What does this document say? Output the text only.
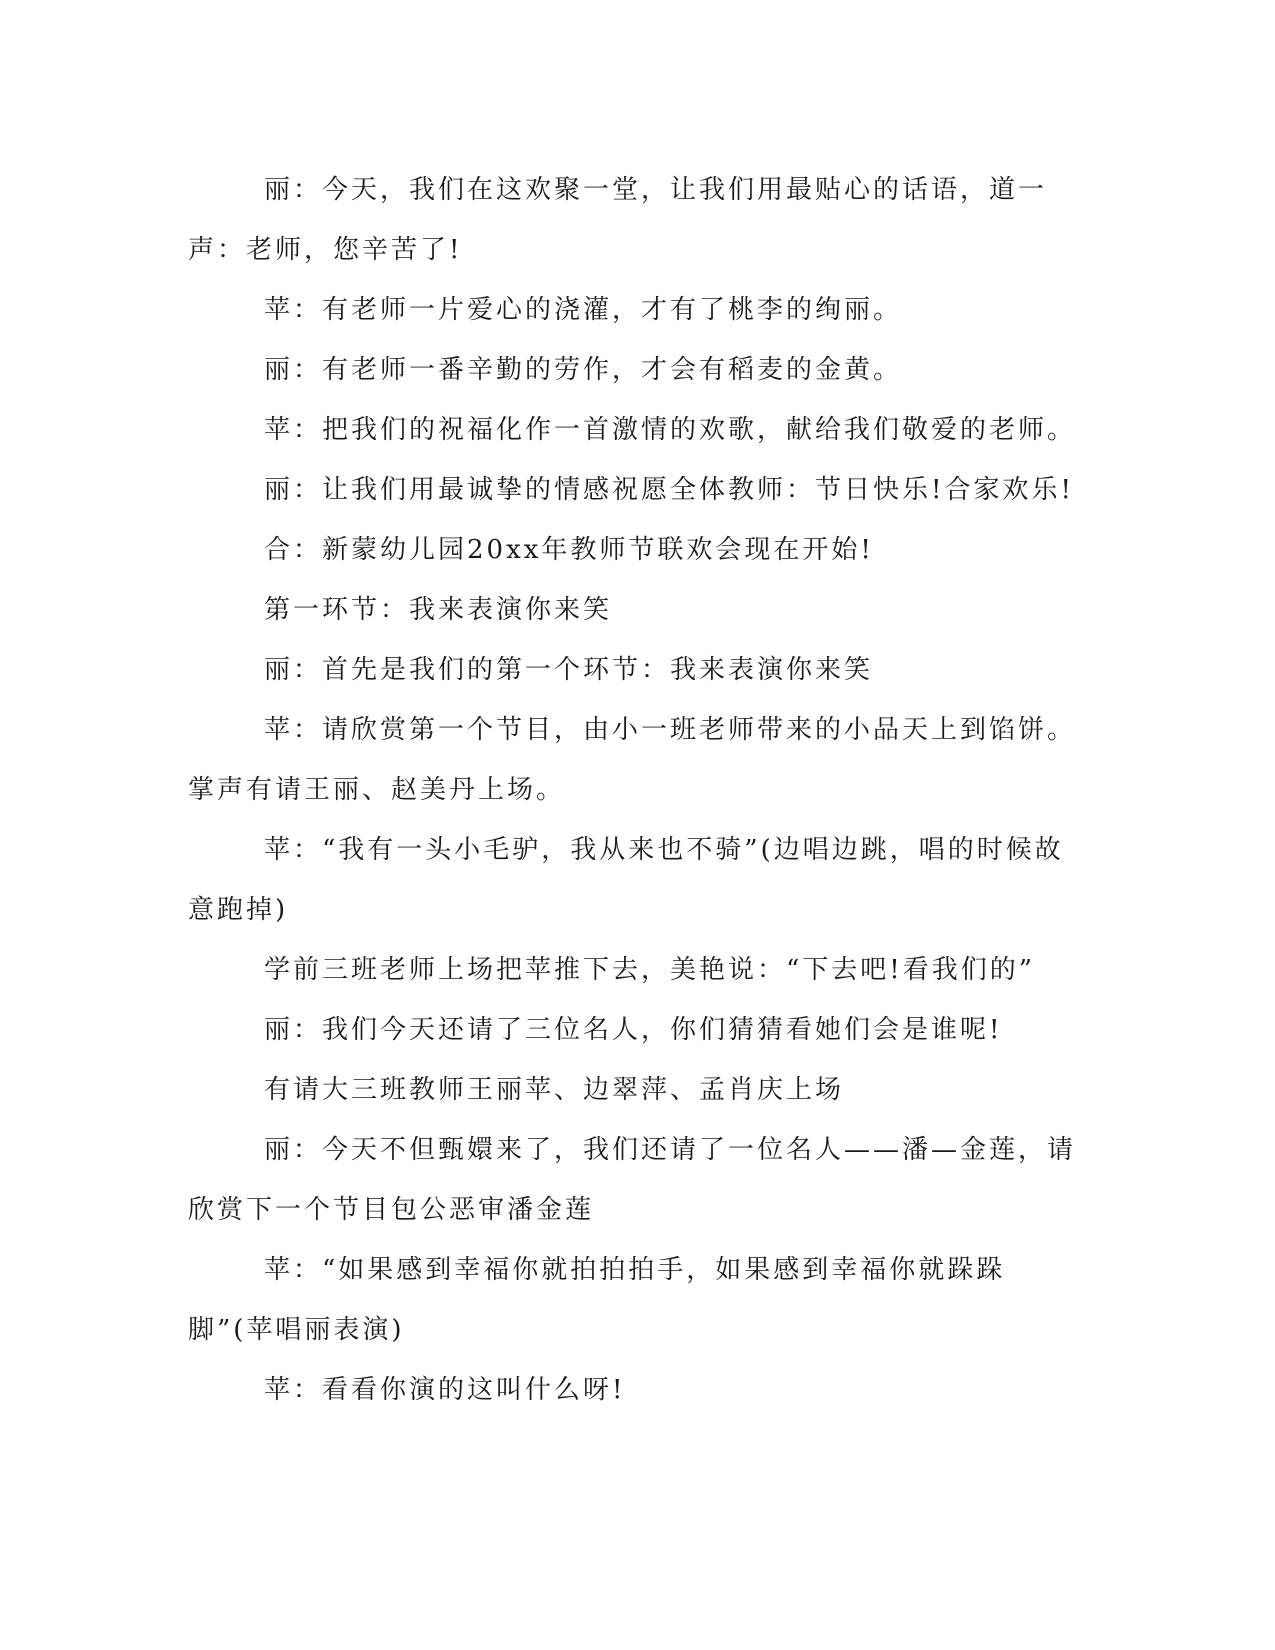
丽：今天，我们在这欢聚一堂，让我们用最贴心的话语，道一声：老师，您辛苦了!

苹：有老师一片爱心的浇灌，才有了桃李的绚丽。

丽：有老师一番辛勤的劳作，才会有稻麦的金黄。

苹：把我们的祝福化作一首激情的欢歌，献给我们敬爱的老师。

丽：让我们用最诚挚的情感祝愿全体教师：节日快乐!合家欢乐!

合：新蒙幼儿园20xx年教师节联欢会现在开始!

第一环节：我来表演你来笑

丽：首先是我们的第一个环节：我来表演你来笑

苹：请欣赏第一个节目，由小一班老师带来的小品天上到馅饼。掌声有请王丽、赵美丹上场。

苹：“我有一头小毛驴，我从来也不骑”(边唱边跳，唱的时候故意跑掉)

学前三班老师上场把苹推下去，美艳说：“下去吧!看我们的”

丽：我们今天还请了三位名人，你们猜猜看她们会是谁呢!

有请大三班教师王丽苹、边翠萍、孟肖庆上场

丽：今天不但甄嬛来了，我们还请了一位名人——潘—金莲，请欣赏下一个节目包公恶审潘金莲

苹：“如果感到幸福你就拍拍拍手，如果感到幸福你就跺跺脚”(苹唱丽表演)

苹：看看你演的这叫什么呀!
